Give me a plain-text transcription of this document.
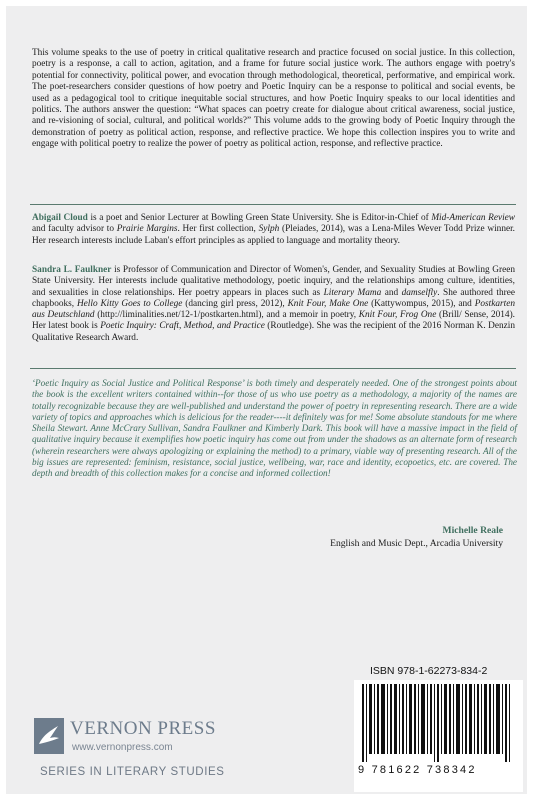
This volume speaks to the use of poetry in critical qualitative research and practice focused on social justice. In this collection, poetry is a response, a call to action, agitation, and a frame for future social justice work. The authors engage with poetry's potential for connectivity, political power, and evocation through methodological, theoretical, performative, and empirical work. The poet-researchers consider questions of how poetry and Poetic Inquiry can be a response to political and social events, be used as a pedagogical tool to critique inequitable social structures, and how Poetic Inquiry speaks to our local identities and politics. The authors answer the question: “What spaces can poetry create for dialogue about critical awareness, social justice, and re-visioning of social, cultural, and political worlds?” This volume adds to the growing body of Poetic Inquiry through the demonstration of poetry as political action, response, and reflective practice. We hope this collection inspires you to write and engage with political poetry to realize the power of poetry as political action, response, and reflective practice.

Abigail Cloud is a poet and Senior Lecturer at Bowling Green State University. She is Editor-in-Chief of Mid-American Review and faculty advisor to Prairie Margins. Her first collection, Sylph (Pleiades, 2014), was a Lena-Miles Wever Todd Prize winner. Her research interests include Laban's effort principles as applied to language and mortality theory.

Sandra L. Faulkner is Professor of Communication and Director of Women's, Gender, and Sexuality Studies at Bowling Green State University. Her interests include qualitative methodology, poetic inquiry, and the relationships among culture, identities, and sexualities in close relationships. Her poetry appears in places such as Literary Mama and damselfly. She authored three chapbooks, Hello Kitty Goes to College (dancing girl press, 2012), Knit Four, Make One (Kattywompus, 2015), and Postkarten aus Deutschland (http://liminalities.net/12-1/postkarten.html), and a memoir in poetry, Knit Four, Frog One (Brill/ Sense, 2014). Her latest book is Poetic Inquiry: Craft, Method, and Practice (Routledge). She was the recipient of the 2016 Norman K. Denzin Qualitative Research Award.

‘Poetic Inquiry as Social Justice and Political Response’ is both timely and desperately needed. One of the strongest points about the book is the excellent writers contained within--for those of us who use poetry as a methodology, a majority of the names are totally recognizable because they are well-published and understand the power of poetry in representing research. There are a wide variety of topics and approaches which is delicious for the reader----it definitely was for me! Some absolute standouts for me where Sheila Stewart. Anne McCrary Sullivan, Sandra Faulkner and Kimberly Dark. This book will have a massive impact in the field of qualitative inquiry because it exemplifies how poetic inquiry has come out from under the shadows as an alternate form of research (wherein researchers were always apologizing or explaining the method) to a primary, viable way of presenting research. All of the big issues are represented: feminism, resistance, social justice, wellbeing, war, race and identity, ecopoetics, etc. are covered. The depth and breadth of this collection makes for a concise and informed collection!

Michelle Reale
English and Music Dept., Arcadia University
ISBN 978-1-62273-834-2
9 781622 738342
VERNON PRESS
www.vernonpress.com
SERIES IN LITERARY STUDIES
